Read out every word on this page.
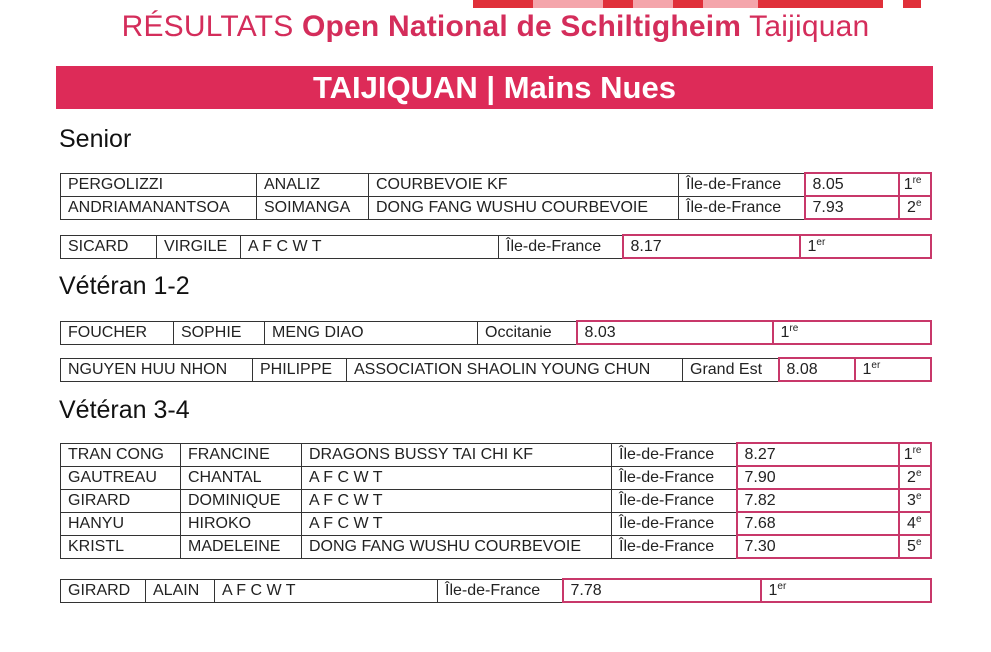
RÉSULTATS Open National de Schiltigheim Taijiquan
TAIJIQUAN | Mains Nues
Senior
PERGOLIZZI	ANALIZ	COURBEVOIE KF	Île-de-France	8.05	1re
ANDRIAMANANTSOA	SOIMANGA	DONG FANG WUSHU COURBEVOIE	Île-de-France	7.93	2e
SICARD	VIRGILE	A F C W T	Île-de-France	8.17	1er
Vétéran 1-2
FOUCHER	SOPHIE	MENG DIAO	Occitanie	8.03	1re
NGUYEN HUU NHON	PHILIPPE	ASSOCIATION SHAOLIN YOUNG CHUN	Grand Est	8.08	1er
Vétéran 3-4
TRAN CONG	FRANCINE	DRAGONS BUSSY TAI CHI KF	Île-de-France	8.27	1re
GAUTREAU	CHANTAL	A F C W T	Île-de-France	7.90	2e
GIRARD	DOMINIQUE	A F C W T	Île-de-France	7.82	3e
HANYU	HIROKO	A F C W T	Île-de-France	7.68	4e
KRISTL	MADELEINE	DONG FANG WUSHU COURBEVOIE	Île-de-France	7.30	5e
GIRARD	ALAIN	A F C W T	Île-de-France	7.78	1er
